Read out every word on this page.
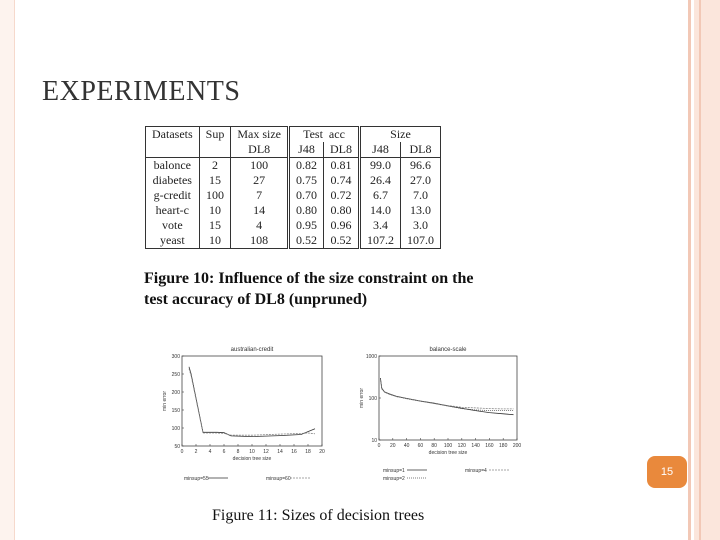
EXPERIMENTS
Datasets	Sup	Max size	Test acc		Size	
		DL8	J48	DL8	J48	DL8
balonce	2	100	0.82	0.81	99.0	96.6
diabetes	15	27	0.75	0.74	26.4	27.0
g-credit	100	7	0.70	0.72	6.7	7.0
heart-c	10	14	0.80	0.80	14.0	13.0
vote	15	4	0.95	0.96	3.4	3.0
yeast	10	108	0.52	0.52	107.2	107.0
Figure 10: Influence of the size constraint on the
test accuracy of DL8 (unpruned)
australian-credit
0 2 4 6 8 10 12 14 16 18 20
50
100
150
200
250
300
decision tree size
min error
minsup=55	minsup=60
balance-scale
0 20 40 60 80 100 120 140 160 180 200
10
100
1000
decision tree size
min error
minsup=1
minsup=2
minsup=4	15
Figure 11: Sizes of decision trees
